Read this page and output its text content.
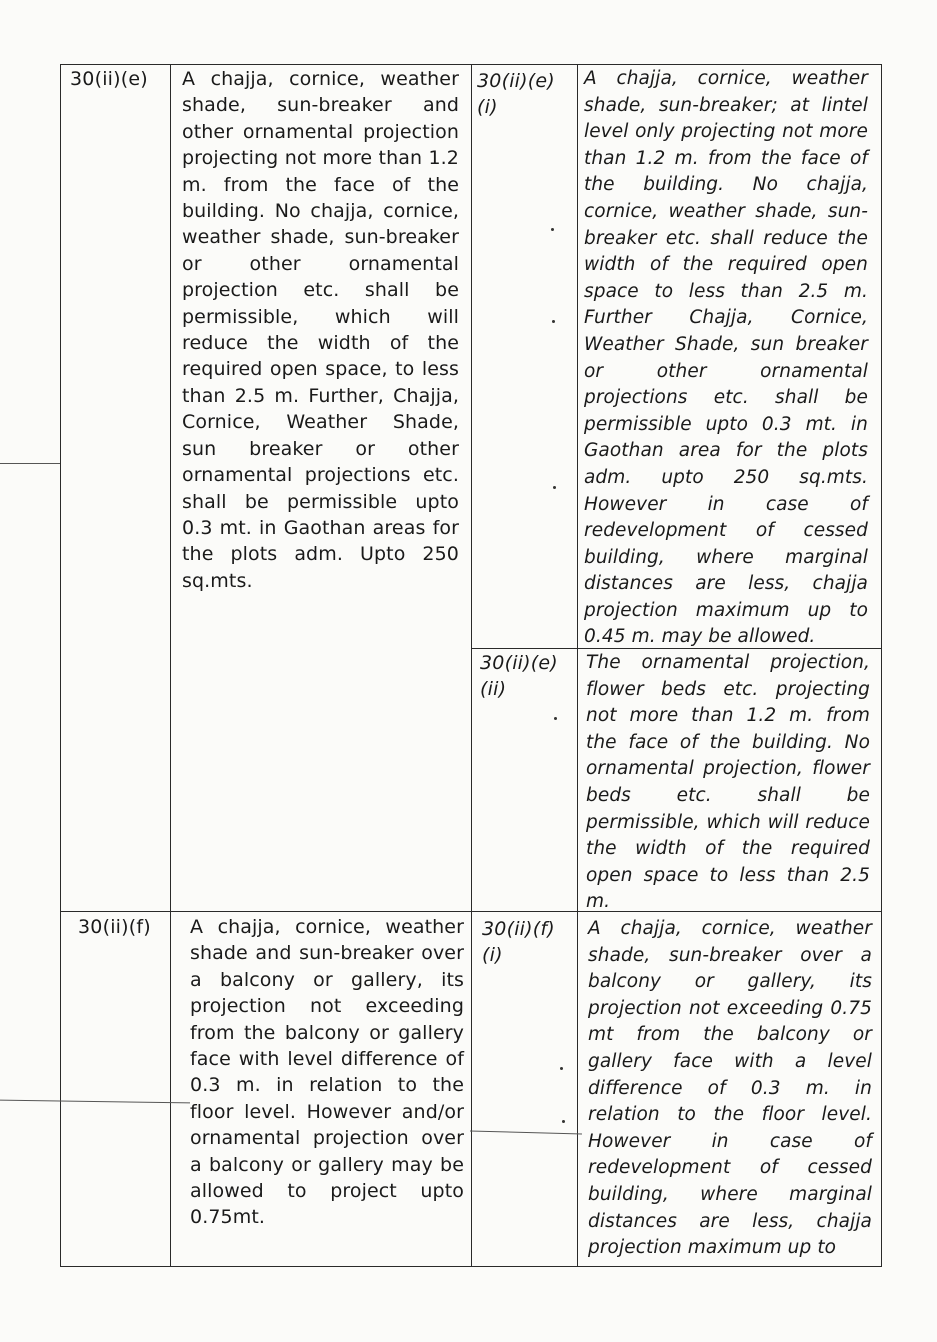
30(ii)(e)	A chajja, cornice, weather shade, sun-breaker and other ornamental projection projecting not more than 1.2 m. from the face of the building. No chajja, cornice, weather shade, sun-breaker or other ornamental projection etc. shall be permissible, which will reduce the width of the required open space, to less than 2.5 m. Further, Chajja, Cornice, Weather Shade, sun breaker or other ornamental projections etc. shall be permissible upto 0.3 mt. in Gaothan areas for the plots adm. Upto 250 sq.mts.
30(ii)(e)
(i)
A chajja, cornice, weather shade, sun-breaker; at lintel level only projecting not more than 1.2 m. from the face of the building. No chajja, cornice, weather shade, sun-breaker etc. shall reduce the width of the required open space to less than 2.5 m. Further Chajja, Cornice, Weather Shade, sun breaker or other ornamental projections etc. shall be permissible upto 0.3 mt. in Gaothan area for the plots adm. upto 250 sq.mts. However in case of redevelopment of cessed building, where marginal distances are less, chajja projection maximum up to 0.45 m. may be allowed.
30(ii)(e)
(ii)
The ornamental projection, flower beds etc. projecting not more than 1.2 m. from the face of the building. No ornamental projection, flower beds etc. shall be permissible, which will reduce the width of the required open space to less than 2.5 m.
30(ii)(f)	A chajja, cornice, weather shade and sun-breaker over a balcony or gallery, its projection not exceeding from the balcony or gallery face with level difference of 0.3 m. in relation to the floor level. However and/or ornamental projection over a balcony or gallery may be allowed to project upto 0.75mt.
30(ii)(f)
(i)
A chajja, cornice, weather shade, sun-breaker over a balcony or gallery, its projection not exceeding 0.75 mt from the balcony or gallery face with a level difference of 0.3 m. in relation to the floor level. However in case of redevelopment of cessed building, where marginal distances are less, chajja projection maximum up to
